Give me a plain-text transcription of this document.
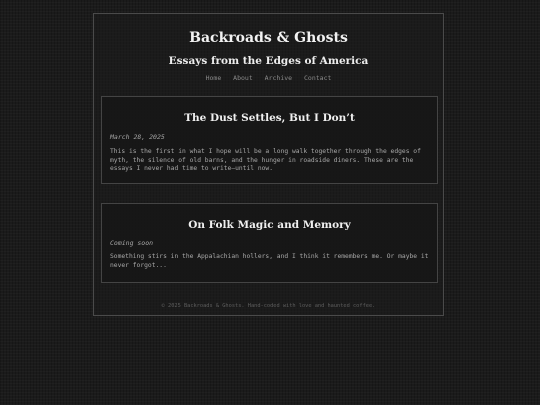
Backroads & Ghosts
Essays from the Edges of America
Home About Archive Contact
The Dust Settles, But I Don’t
March 28, 2025

This is the first in what I hope will be a long walk together through the edges of myth, the silence of old barns, and the hunger in roadside diners. These are the essays I never had time to write—until now.

On Folk Magic and Memory
Coming soon

Something stirs in the Appalachian hollers, and I think it remembers me. Or maybe it never forgot...

© 2025 Backroads & Ghosts. Hand-coded with love and haunted coffee.
